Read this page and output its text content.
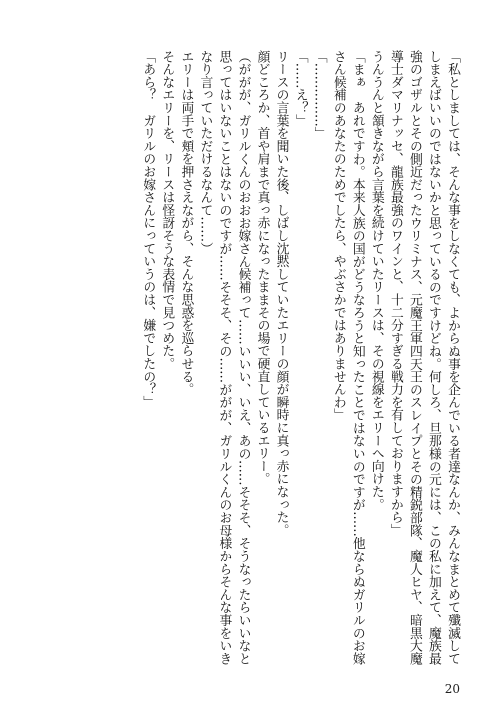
「私としましては、そんな事をしなくても、よからぬ事を企んでいる者達なんか、みんなまとめて殲滅してしまえばいいのではないかと思っているのですけどね。何しろ、旦那様の元には、この私に加えて、魔族最強のゴザルとその側近だったウリミナス、元魔王軍四天王のスレイプとその精鋭部隊、魔人ヒヤ、暗黒大魔導士ダマリナッセ、龍族最強のワインと、十二分すぎる戦力を有しておりますから」

うんうんと頷きながら言葉を続けていたリースは、その視線をエリーへ向けた。

「まぁ　あれですわ。本来人族の国がどうなろうと知ったことではないのですが……他ならぬガリルのお嫁さん候補のあなたのためでしたら、やぶさかではありませんわ」

「……………」

「……え？」

リースの言葉を聞いた後、しばし沈黙していたエリーの顔が瞬時に真っ赤になった。

顔どころか、首や肩まで真っ赤になったままその場で硬直しているエリー。

（ががが、ガリルくんのおおお嫁さん候補って……いいい、いえ、あの……そそそ、そうなったらいいなと思ってはいないことはないのですが……そそそ、その……ががが、ガリルくんのお母様からそんな事をいきなり言っていただけるなんて……）

エリーは両手で頬を押さえながら、そんな思惑を巡らせる。

そんなエリーを、リースは怪訝そうな表情で見つめた。

「あら？　ガリルのお嫁さんにっていうのは、嫌でしたの？」

20
